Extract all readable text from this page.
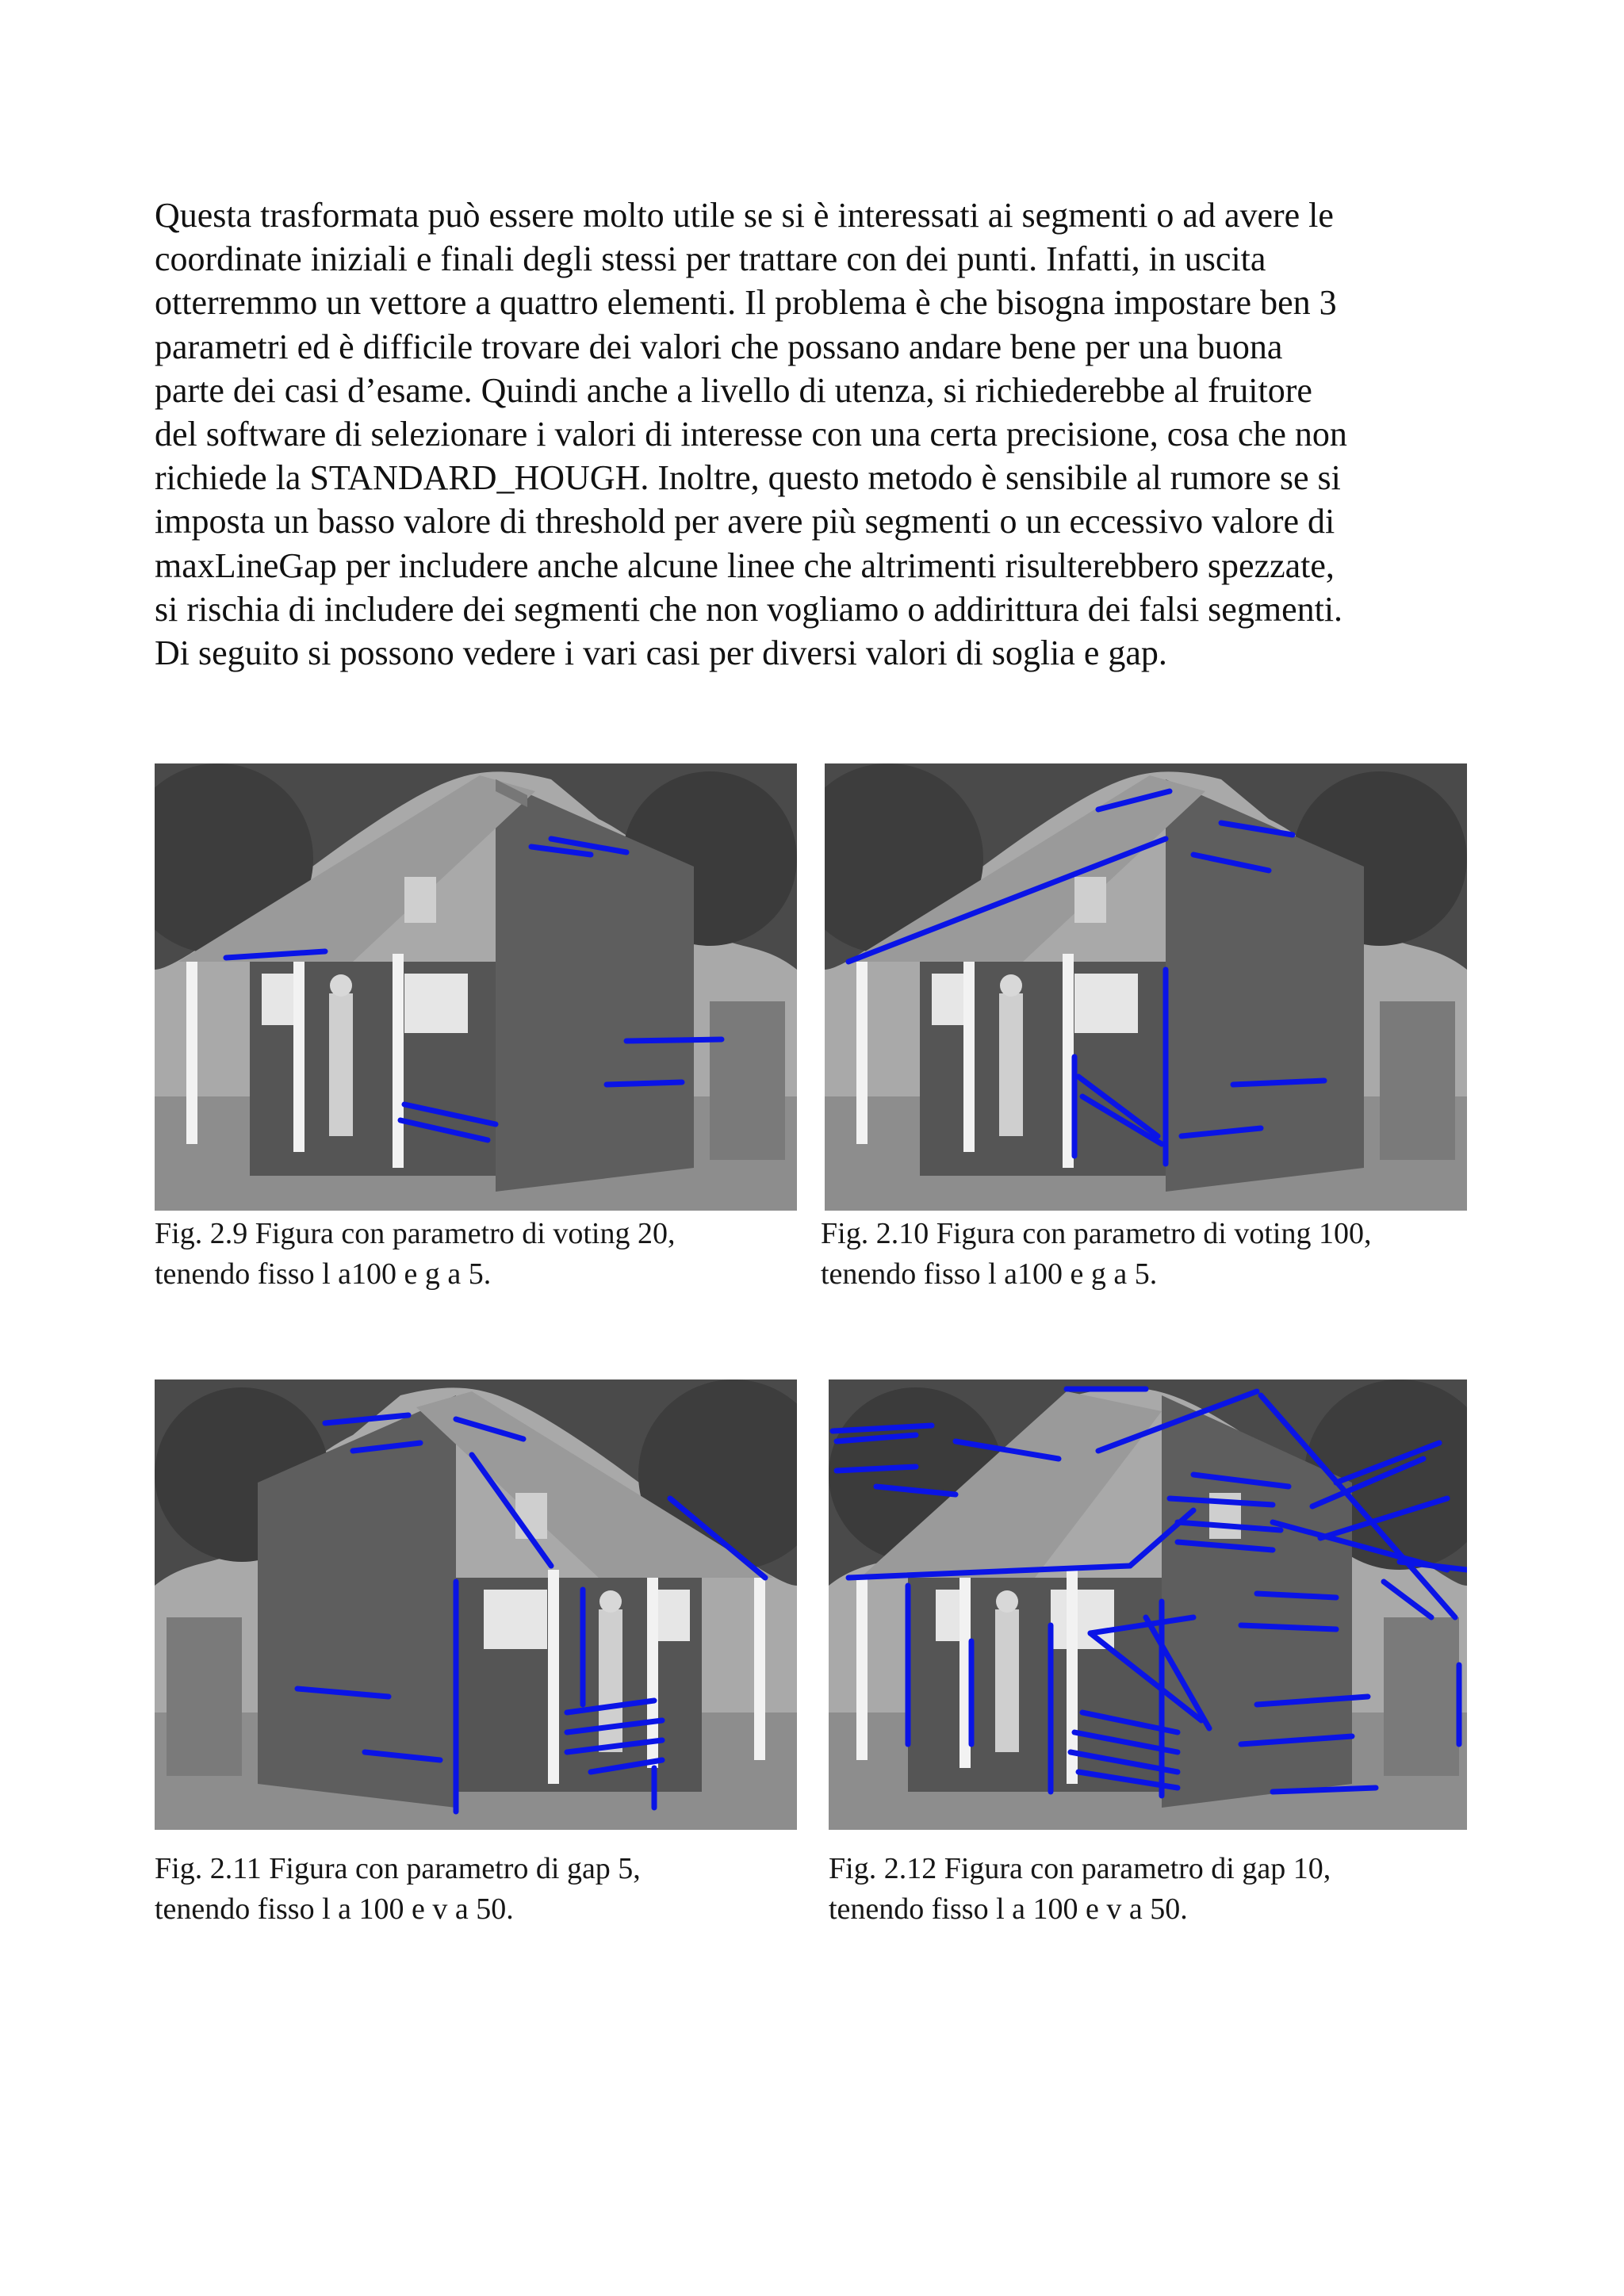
Questa trasformata può essere molto utile se si è interessati ai segmenti o ad avere le
coordinate iniziali e finali degli stessi per trattare con dei punti. Infatti, in uscita
otterremmo un vettore a quattro elementi. Il problema è che bisogna impostare ben 3
parametri ed è difficile trovare dei valori che possano andare bene per una buona
parte dei casi d’esame. Quindi anche a livello di utenza, si richiederebbe al fruitore
del software di selezionare i valori di interesse con una certa precisione, cosa che non
richiede la STANDARD_HOUGH. Inoltre, questo metodo è sensibile al rumore se si
imposta un basso valore di threshold per avere più segmenti o un eccessivo valore di
maxLineGap per includere anche alcune linee che altrimenti risulterebbero spezzate,
si rischia di includere dei segmenti che non vogliamo o addirittura dei falsi segmenti.
Di seguito si possono vedere i vari casi per diversi valori di soglia e gap.
Fig. 2.9 Figura con parametro di voting 20,
tenendo fisso l a100 e g a 5.
Fig. 2.10 Figura con parametro di voting 100,
tenendo fisso l a100 e g a 5.
Fig. 2.11 Figura con parametro di gap 5,
tenendo fisso l a 100 e v a 50.
Fig. 2.12 Figura con parametro di gap 10,
tenendo fisso l a 100 e v a 50.
